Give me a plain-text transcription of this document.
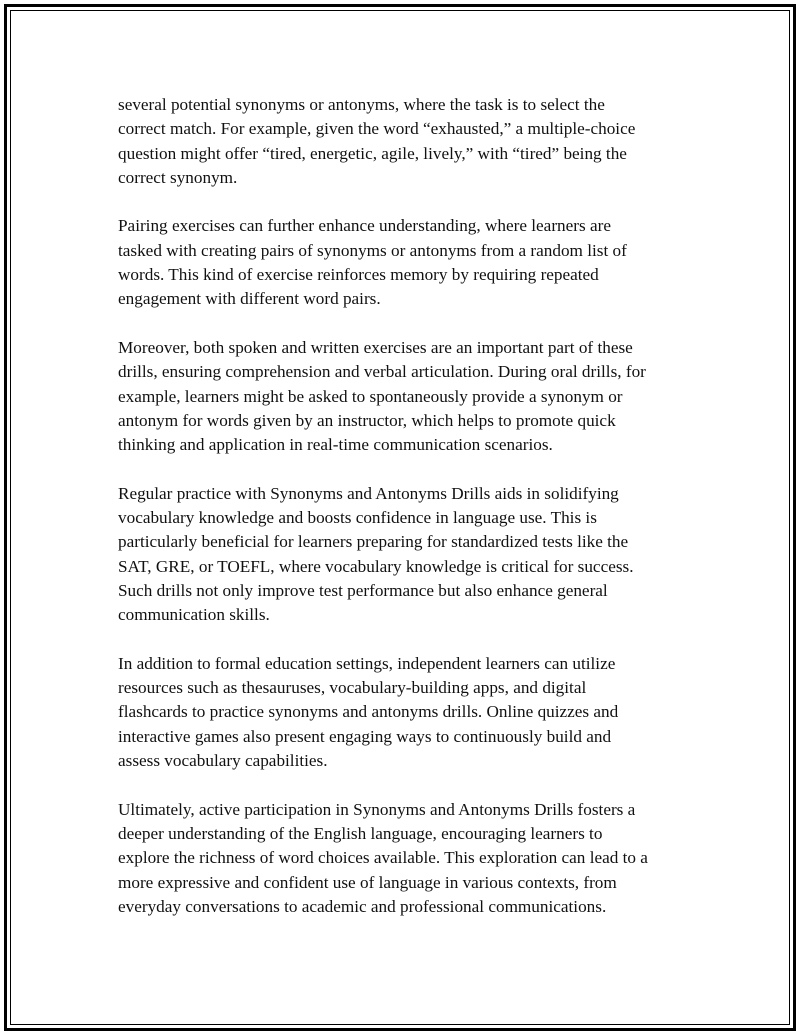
several potential synonyms or antonyms, where the task is to select the
correct match. For example, given the word “exhausted,” a multiple-choice
question might offer “tired, energetic, agile, lively,” with “tired” being the
correct synonym.

Pairing exercises can further enhance understanding, where learners are
tasked with creating pairs of synonyms or antonyms from a random list of
words. This kind of exercise reinforces memory by requiring repeated
engagement with different word pairs.

Moreover, both spoken and written exercises are an important part of these
drills, ensuring comprehension and verbal articulation. During oral drills, for
example, learners might be asked to spontaneously provide a synonym or
antonym for words given by an instructor, which helps to promote quick
thinking and application in real-time communication scenarios.

Regular practice with Synonyms and Antonyms Drills aids in solidifying
vocabulary knowledge and boosts confidence in language use. This is
particularly beneficial for learners preparing for standardized tests like the
SAT, GRE, or TOEFL, where vocabulary knowledge is critical for success.
Such drills not only improve test performance but also enhance general
communication skills.

In addition to formal education settings, independent learners can utilize
resources such as thesauruses, vocabulary-building apps, and digital
flashcards to practice synonyms and antonyms drills. Online quizzes and
interactive games also present engaging ways to continuously build and
assess vocabulary capabilities.

Ultimately, active participation in Synonyms and Antonyms Drills fosters a
deeper understanding of the English language, encouraging learners to
explore the richness of word choices available. This exploration can lead to a
more expressive and confident use of language in various contexts, from
everyday conversations to academic and professional communications.
